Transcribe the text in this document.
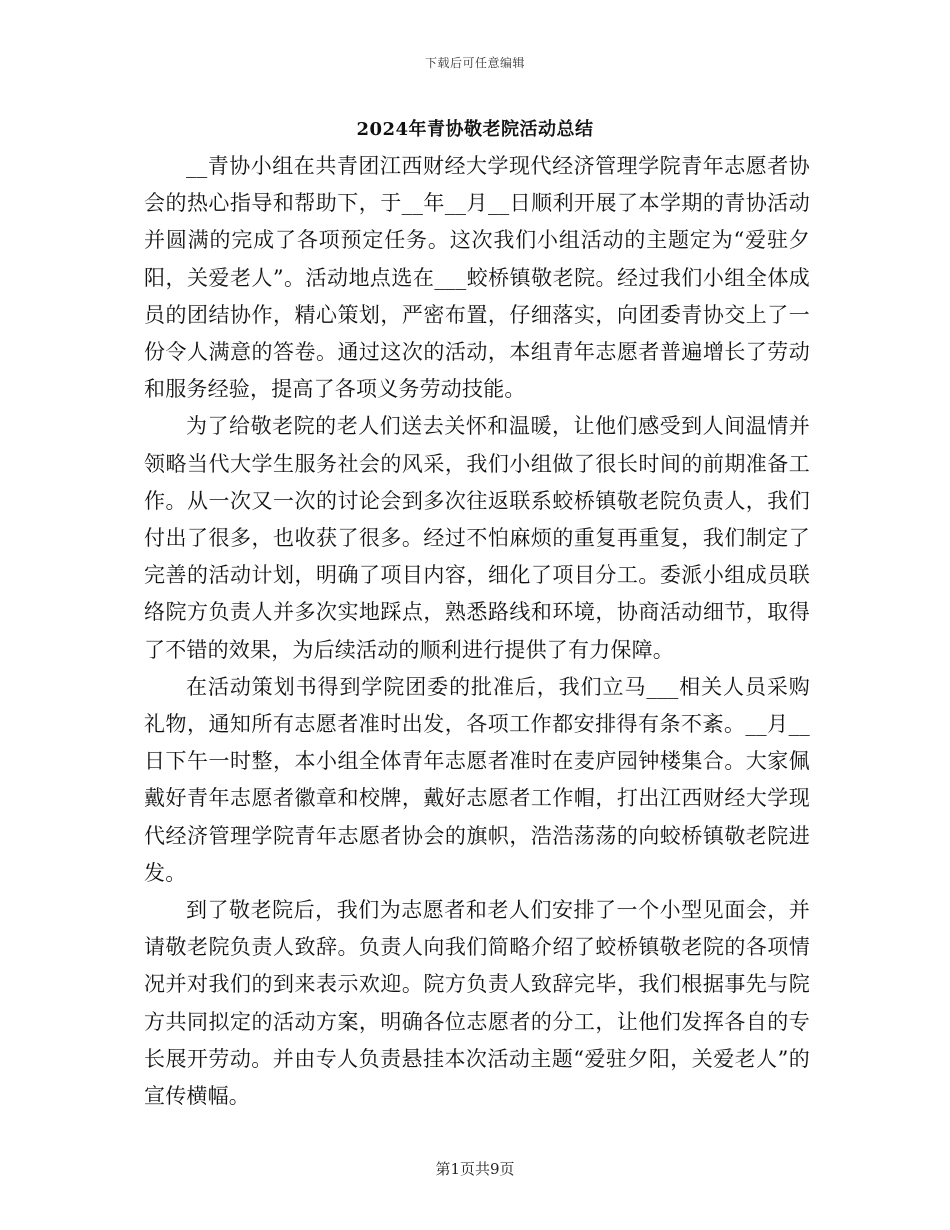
下载后可任意编辑
2024年青协敬老院活动总结

__青协小组在共青团江西财经大学现代经济管理学院青年志愿者协会的热心指导和帮助下，于__年__月__日顺利开展了本学期的青协活动并圆满的完成了各项预定任务。这次我们小组活动的主题定为“爱驻夕阳，关爱老人”。活动地点选在___蛟桥镇敬老院。经过我们小组全体成员的团结协作，精心策划，严密布置，仔细落实，向团委青协交上了一份令人满意的答卷。通过这次的活动，本组青年志愿者普遍增长了劳动和服务经验，提高了各项义务劳动技能。

为了给敬老院的老人们送去关怀和温暖，让他们感受到人间温情并领略当代大学生服务社会的风采，我们小组做了很长时间的前期准备工作。从一次又一次的讨论会到多次往返联系蛟桥镇敬老院负责人，我们付出了很多，也收获了很多。经过不怕麻烦的重复再重复，我们制定了完善的活动计划，明确了项目内容，细化了项目分工。委派小组成员联络院方负责人并多次实地踩点，熟悉路线和环境，协商活动细节，取得了不错的效果，为后续活动的顺利进行提供了有力保障。

在活动策划书得到学院团委的批准后，我们立马___相关人员采购礼物，通知所有志愿者准时出发，各项工作都安排得有条不紊。__月__日下午一时整，本小组全体青年志愿者准时在麦庐园钟楼集合。大家佩戴好青年志愿者徽章和校牌，戴好志愿者工作帽，打出江西财经大学现代经济管理学院青年志愿者协会的旗帜，浩浩荡荡的向蛟桥镇敬老院进发。

到了敬老院后，我们为志愿者和老人们安排了一个小型见面会，并请敬老院负责人致辞。负责人向我们简略介绍了蛟桥镇敬老院的各项情况并对我们的到来表示欢迎。院方负责人致辞完毕，我们根据事先与院方共同拟定的活动方案，明确各位志愿者的分工，让他们发挥各自的专长展开劳动。并由专人负责悬挂本次活动主题“爱驻夕阳，关爱老人”的宣传横幅。

第1页共9页
